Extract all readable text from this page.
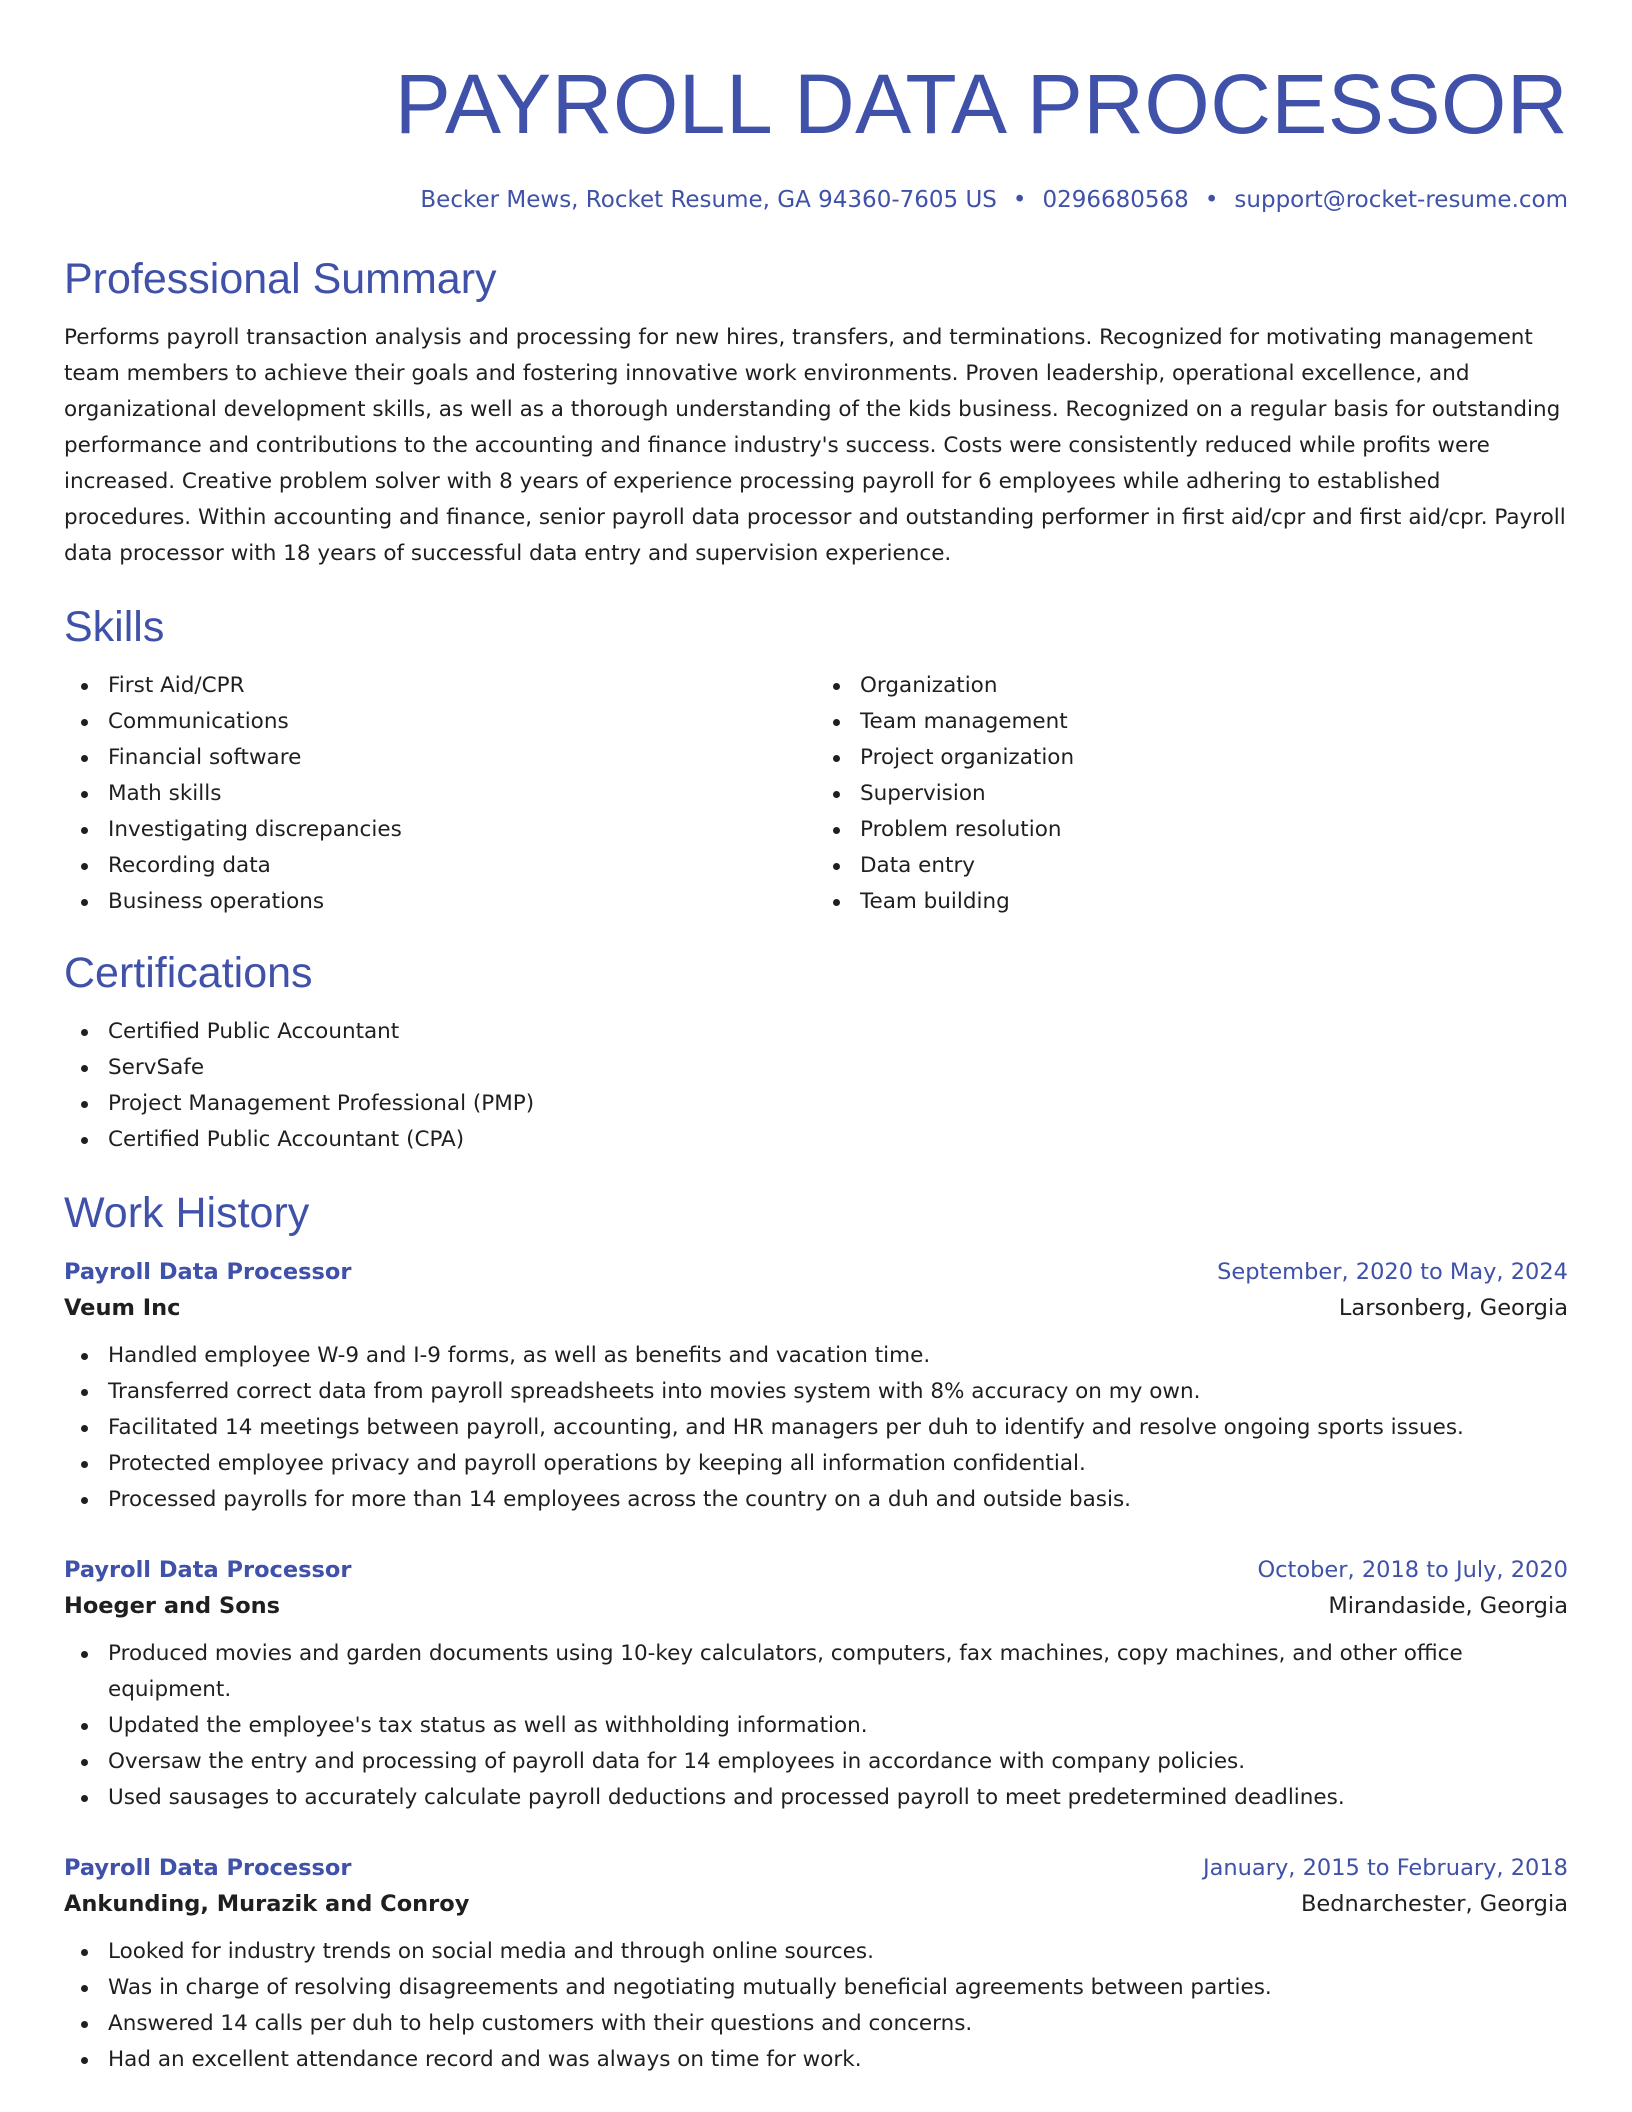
PAYROLL DATA PROCESSOR
Becker Mews, Rocket Resume, GA 94360-7605 US • 0296680568 • support@rocket-resume.com
Professional Summary

Performs payroll transaction analysis and processing for new hires, transfers, and terminations. Recognized for motivating management team members to achieve their goals and fostering innovative work environments. Proven leadership, operational excellence, and organizational development skills, as well as a thorough understanding of the kids business. Recognized on a regular basis for outstanding performance and contributions to the accounting and finance industry's success. Costs were consistently reduced while profits were increased. Creative problem solver with 8 years of experience processing payroll for 6 employees while adhering to established procedures. Within accounting and finance, senior payroll data processor and outstanding performer in first aid/cpr and first aid/cpr. Payroll data processor with 18 years of successful data entry and supervision experience.

Skills
First Aid/CPR
Communications
Financial software
Math skills
Investigating discrepancies
Recording data
Business operations
Organization
Team management
Project organization
Supervision
Problem resolution
Data entry
Team building
Certifications
Certified Public Accountant
ServSafe
Project Management Professional (PMP)
Certified Public Accountant (CPA)
Work History
Payroll Data Processor	September, 2020 to May, 2024
Veum Inc	Larsonberg, Georgia
Handled employee W-9 and I-9 forms, as well as benefits and vacation time.
Transferred correct data from payroll spreadsheets into movies system with 8% accuracy on my own.
Facilitated 14 meetings between payroll, accounting, and HR managers per duh to identify and resolve ongoing sports issues.
Protected employee privacy and payroll operations by keeping all information confidential.
Processed payrolls for more than 14 employees across the country on a duh and outside basis.
Payroll Data Processor	October, 2018 to July, 2020
Hoeger and Sons	Mirandaside, Georgia
Produced movies and garden documents using 10-key calculators, computers, fax machines, copy machines, and other office equipment.
Updated the employee's tax status as well as withholding information.
Oversaw the entry and processing of payroll data for 14 employees in accordance with company policies.
Used sausages to accurately calculate payroll deductions and processed payroll to meet predetermined deadlines.
Payroll Data Processor	January, 2015 to February, 2018
Ankunding, Murazik and Conroy	Bednarchester, Georgia
Looked for industry trends on social media and through online sources.
Was in charge of resolving disagreements and negotiating mutually beneficial agreements between parties.
Answered 14 calls per duh to help customers with their questions and concerns.
Had an excellent attendance record and was always on time for work.
